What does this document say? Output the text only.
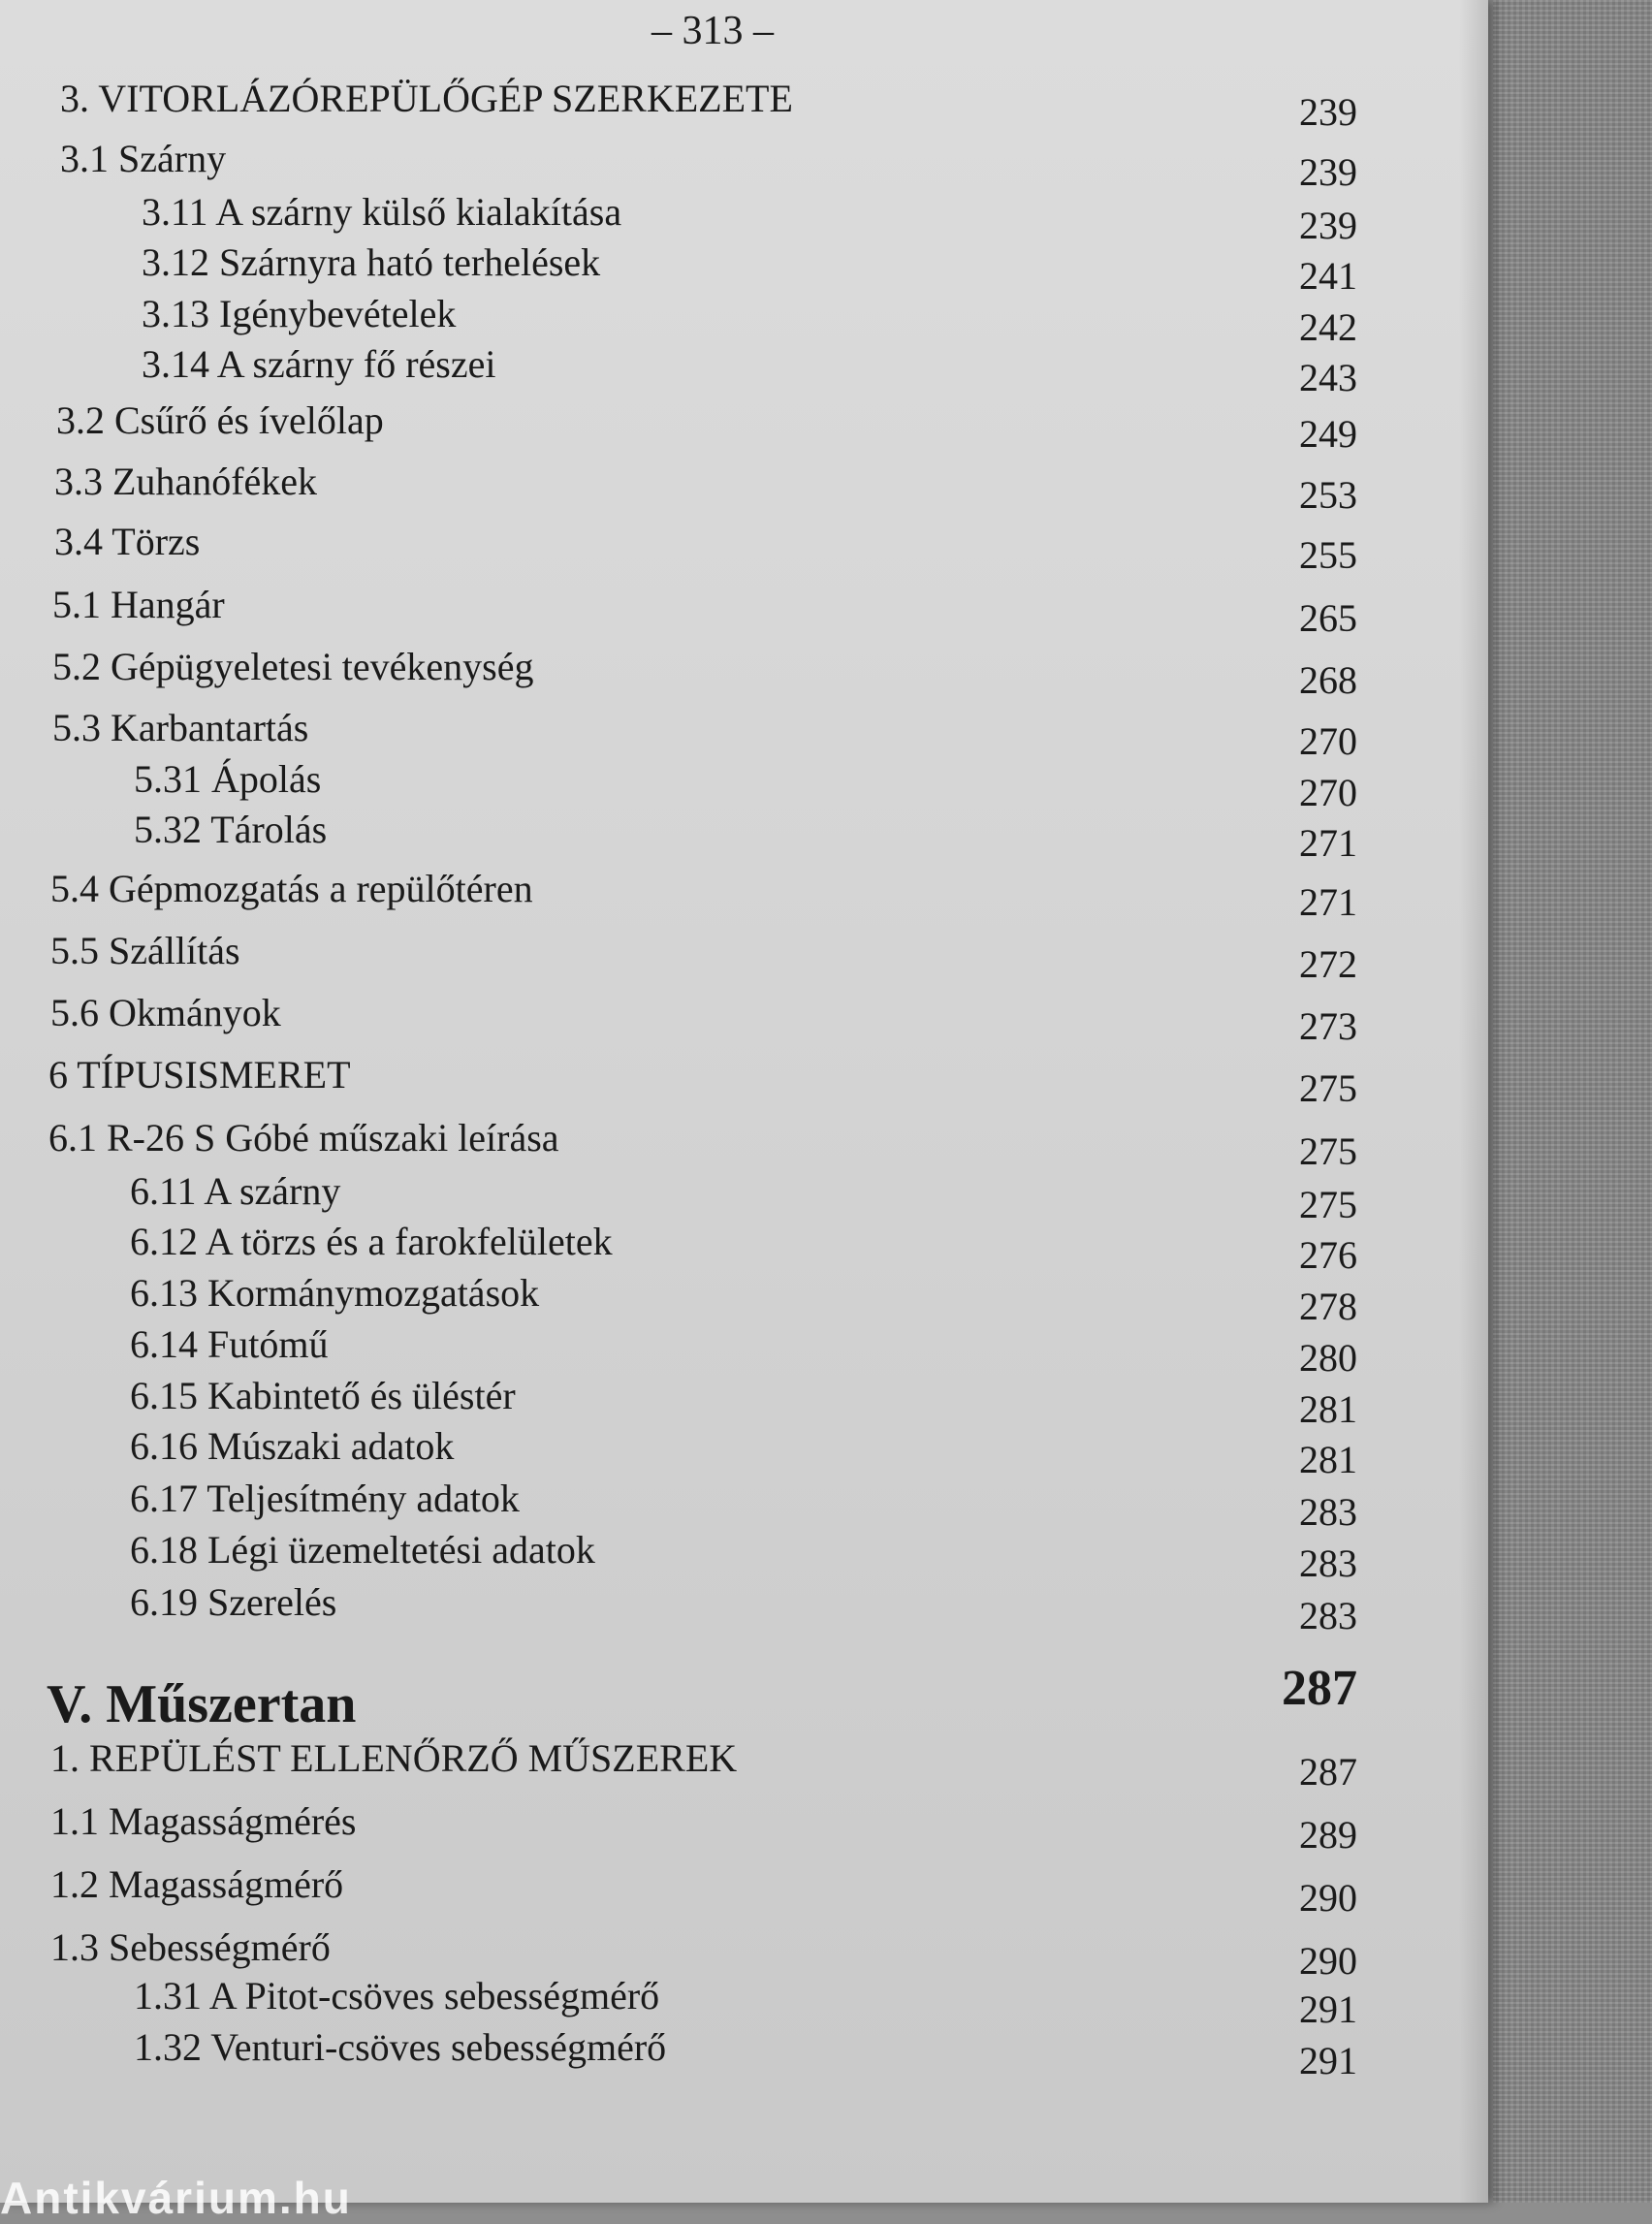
– 313 –
3. VITORLÁZÓREPÜLŐGÉP SZERKEZETE	239
3.1 Szárny	239
3.11 A szárny külső kialakítása	239
3.12 Szárnyra ható terhelések	241
3.13 Igénybevételek	242
3.14 A szárny fő részei	243
3.2 Csűrő és ívelőlap	249
3.3 Zuhanófékek	253
3.4 Törzs	255
5.1 Hangár	265
5.2 Gépügyeletesi tevékenység	268
5.3 Karbantartás	270
5.31 Ápolás	270
5.32 Tárolás	271
5.4 Gépmozgatás a repülőtéren	271
5.5 Szállítás	272
5.6 Okmányok	273
6 TÍPUSISMERET	275
6.1 R-26 S Góbé műszaki leírása	275
6.11 A szárny	275
6.12 A törzs és a farokfelületek	276
6.13 Kormánymozgatások	278
6.14 Futómű	280
6.15 Kabintető és üléstér	281
6.16 Múszaki adatok	281
6.17 Teljesítmény adatok	283
6.18 Légi üzemeltetési adatok	283
6.19 Szerelés	283
V. Műszertan	287
1. REPÜLÉST ELLENŐRZŐ MŰSZEREK	287
1.1 Magasságmérés	289
1.2 Magasságmérő	290
1.3 Sebességmérő	290
1.31 A Pitot-csöves sebességmérő	291
1.32 Venturi-csöves sebességmérő	291
Antikvárium.hu
